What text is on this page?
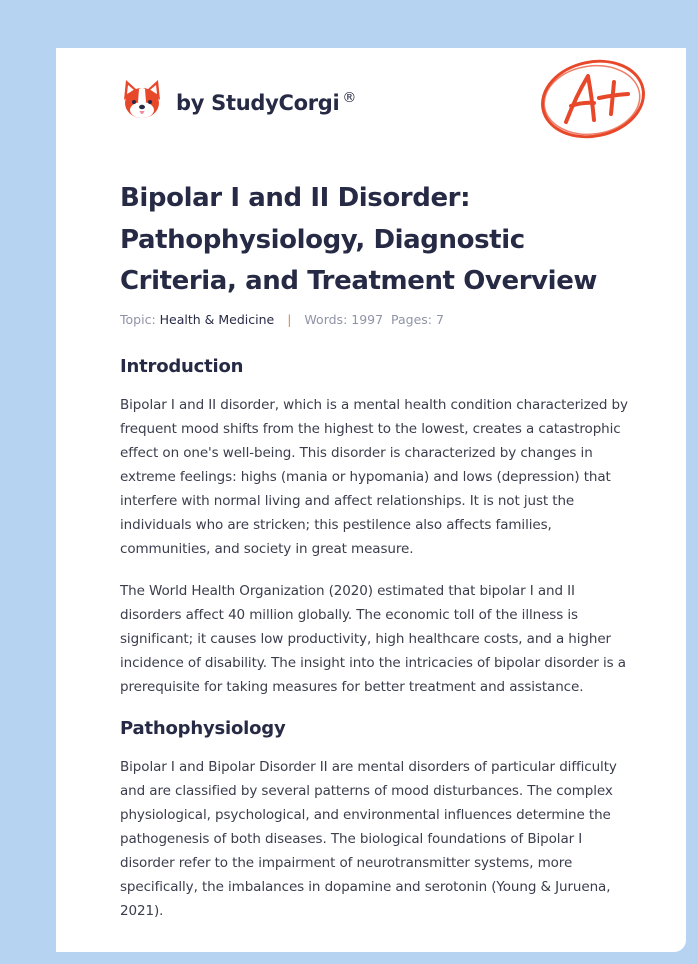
by StudyCorgi ®
Bipolar I and II Disorder: Pathophysiology, Diagnostic Criteria, and Treatment Overview
Topic: Health & Medicine | Words: 1997 Pages: 7
Introduction

Bipolar I and II disorder, which is a mental health condition characterized by frequent mood shifts from the highest to the lowest, creates a catastrophic effect on one's well-being. This disorder is characterized by changes in extreme feelings: highs (mania or hypomania) and lows (depression) that interfere with normal living and affect relationships. It is not just the individuals who are stricken; this pestilence also affects families, communities, and society in great measure.

The World Health Organization (2020) estimated that bipolar I and II disorders affect 40 million globally. The economic toll of the illness is significant; it causes low productivity, high healthcare costs, and a higher incidence of disability. The insight into the intricacies of bipolar disorder is a prerequisite for taking measures for better treatment and assistance.

Pathophysiology

Bipolar I and Bipolar Disorder II are mental disorders of particular difficulty and are classified by several patterns of mood disturbances. The complex physiological, psychological, and environmental influences determine the pathogenesis of both diseases. The biological foundations of Bipolar I disorder refer to the impairment of neurotransmitter systems, more specifically, the imbalances in dopamine and serotonin (Young & Juruena, 2021).
